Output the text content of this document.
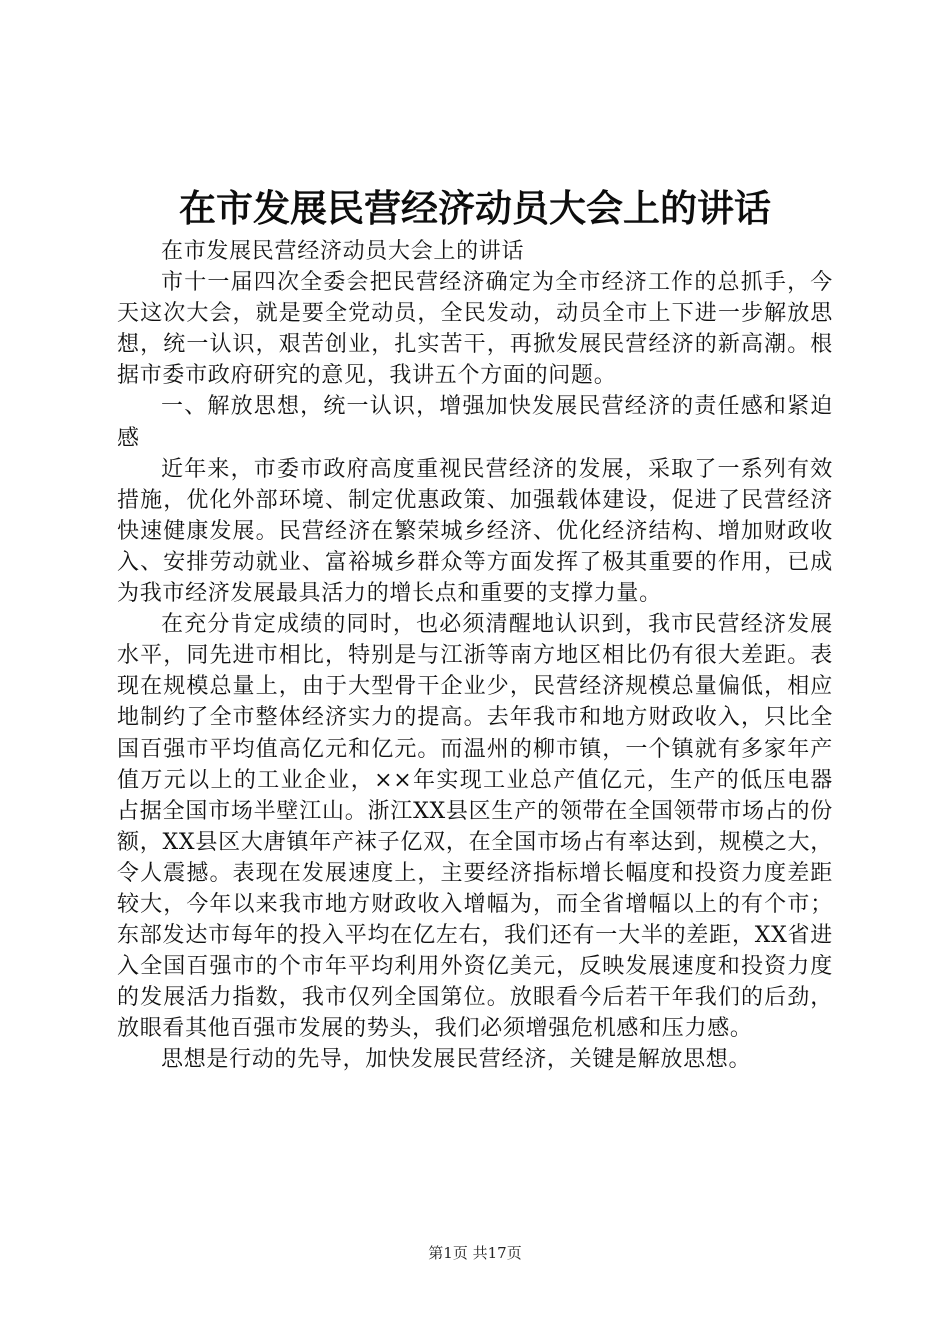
在市发展民营经济动员大会上的讲话

在市发展民营经济动员大会上的讲话

市十一届四次全委会把民营经济确定为全市经济工作的总抓手，今天这次大会，就是要全党动员，全民发动，动员全市上下进一步解放思想，统一认识，艰苦创业，扎实苦干，再掀发展民营经济的新高潮。根据市委市政府研究的意见，我讲五个方面的问题。

一、解放思想，统一认识，增强加快发展民营经济的责任感和紧迫感

近年来，市委市政府高度重视民营经济的发展，采取了一系列有效措施，优化外部环境、制定优惠政策、加强载体建设，促进了民营经济快速健康发展。民营经济在繁荣城乡经济、优化经济结构、增加财政收入、安排劳动就业、富裕城乡群众等方面发挥了极其重要的作用，已成为我市经济发展最具活力的增长点和重要的支撑力量。

在充分肯定成绩的同时，也必须清醒地认识到，我市民营经济发展水平，同先进市相比，特别是与江浙等南方地区相比仍有很大差距。表现在规模总量上，由于大型骨干企业少，民营经济规模总量偏低，相应地制约了全市整体经济实力的提高。去年我市和地方财政收入，只比全国百强市平均值高亿元和亿元。而温州的柳市镇，一个镇就有多家年产值万元以上的工业企业，××年实现工业总产值亿元，生产的低压电器占据全国市场半壁江山。浙江XX县区生产的领带在全国领带市场占的份额，XX县区大唐镇年产袜子亿双，在全国市场占有率达到，规模之大，令人震撼。表现在发展速度上，主要经济指标增长幅度和投资力度差距较大，今年以来我市地方财政收入增幅为，而全省增幅以上的有个市；东部发达市每年的投入平均在亿左右，我们还有一大半的差距，XX省进入全国百强市的个市年平均利用外资亿美元，反映发展速度和投资力度的发展活力指数，我市仅列全国第位。放眼看今后若干年我们的后劲，放眼看其他百强市发展的势头，我们必须增强危机感和压力感。

思想是行动的先导，加快发展民营经济，关键是解放思想。

第1页 共17页
